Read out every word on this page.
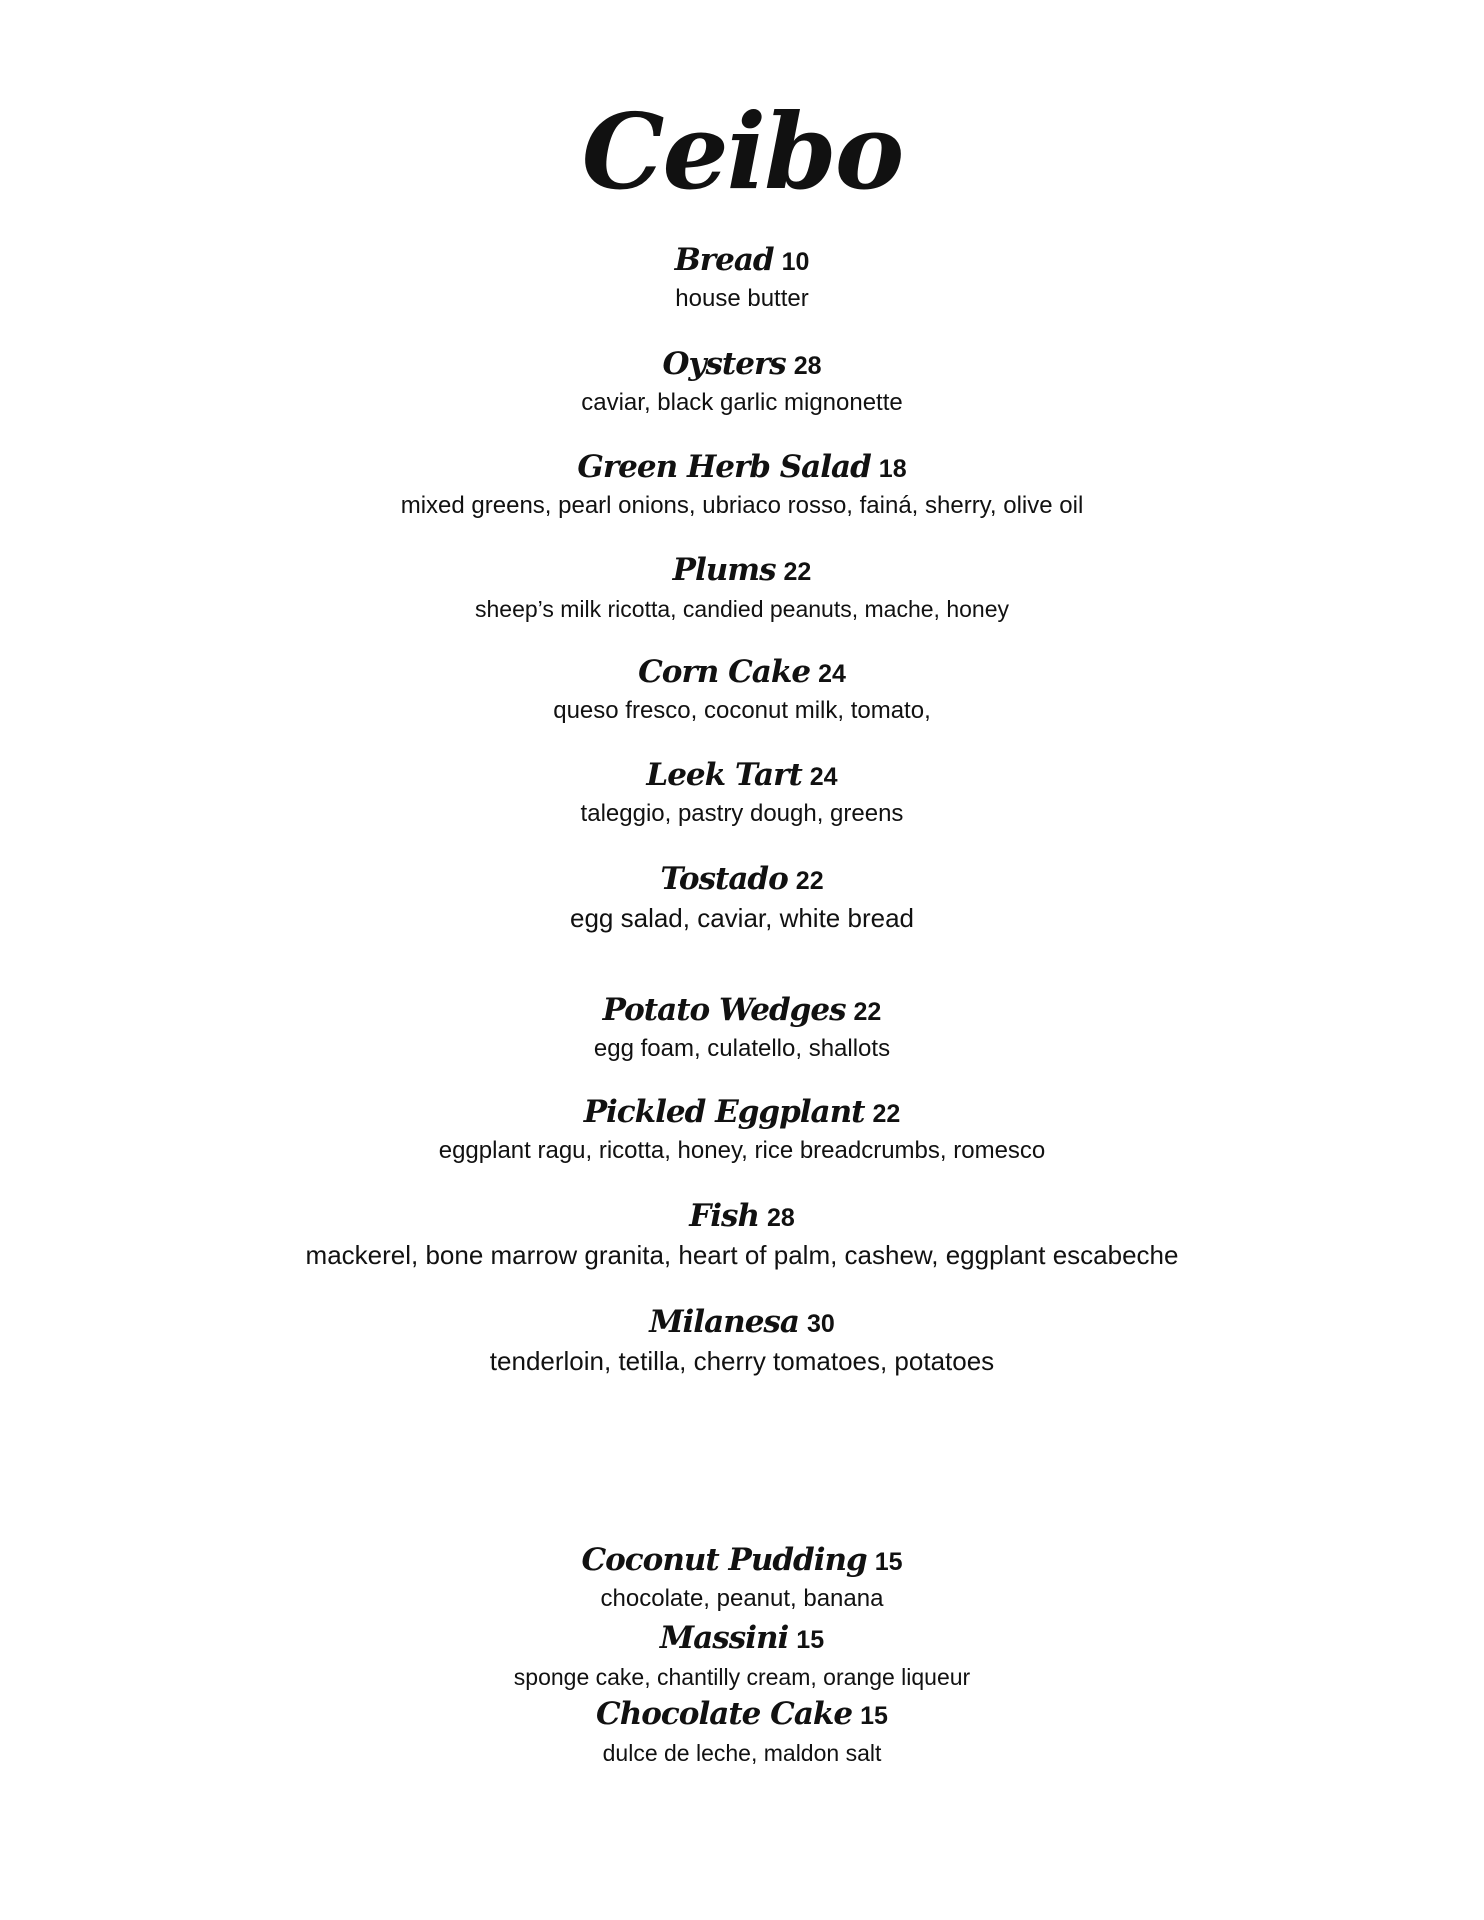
Ceibo
Bread 10
house butter
Oysters 28
caviar, black garlic mignonette
Green Herb Salad 18
mixed greens, pearl onions, ubriaco rosso, fainá, sherry, olive oil
Plums 22
sheep’s milk ricotta, candied peanuts, mache, honey
Corn Cake 24
queso fresco, coconut milk, tomato,
Leek Tart 24
taleggio, pastry dough, greens
Tostado 22
egg salad, caviar, white bread
Potato Wedges 22
egg foam, culatello, shallots
Pickled Eggplant 22
eggplant ragu, ricotta, honey, rice breadcrumbs, romesco
Fish 28
mackerel, bone marrow granita, heart of palm, cashew, eggplant escabeche
Milanesa 30
tenderloin, tetilla, cherry tomatoes, potatoes
Coconut Pudding 15
chocolate, peanut, banana
Massini 15
sponge cake, chantilly cream, orange liqueur
Chocolate Cake 15
dulce de leche, maldon salt
